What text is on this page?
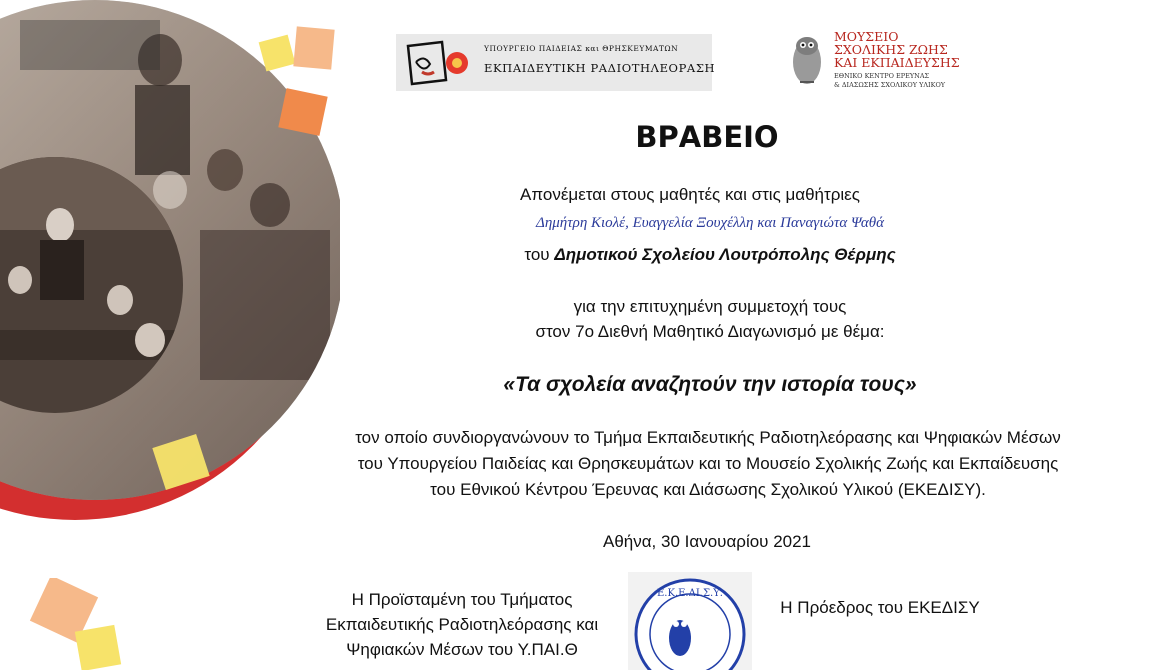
ΥΠΟΥΡΓΕΙΟ ΠΑΙΔΕΙΑΣ και ΘΡΗΣΚΕΥΜΑΤΩΝ
ΕΚΠΑΙΔΕΥΤΙΚΗ ΡΑΔΙΟΤΗΛΕΟΡΑΣΗ
ΜΟΥΣΕΙΟ
ΣΧΟΛΙΚΗΣ ΖΩΗΣ
ΚΑΙ ΕΚΠΑΙΔΕΥΣΗΣ
ΕΘΝΙΚΟ ΚΕΝΤΡΟ ΕΡΕΥΝΑΣ
& ΔΙΑΣΩΣΗΣ ΣΧΟΛΙΚΟΥ ΥΛΙΚΟΥ
ΒΡΑΒΕΙΟ
Απονέμεται στους μαθητές και στις μαθήτριες
Δημήτρη Κιολέ, Ευαγγελία Ξουχέλλη και Παναγιώτα Ψαθά
του Δημοτικού Σχολείου Λουτρόπολης Θέρμης
για την επιτυχημένη συμμετοχή τους
στον 7ο Διεθνή Μαθητικό Διαγωνισμό με θέμα:
«Τα σχολεία αναζητούν την ιστορία τους»
τον οποίο συνδιοργανώνουν το Τμήμα Εκπαιδευτικής Ραδιοτηλεόρασης και Ψηφιακών Μέσων
του Υπουργείου Παιδείας και Θρησκευμάτων και το Μουσείο Σχολικής Ζωής και Εκπαίδευσης
του Εθνικού Κέντρου Έρευνας και Διάσωσης Σχολικού Υλικού (ΕΚΕΔΙΣΥ).
Αθήνα, 30 Ιανουαρίου 2021
Η Προϊσταμένη του Τμήματος
Εκπαιδευτικής Ραδιοτηλεόρασης και
Ψηφιακών Μέσων του Υ.ΠΑΙ.Θ
Ε.Κ.Ε.ΔΙ.Σ.Υ.
Η Πρόεδρος του ΕΚΕΔΙΣΥ
